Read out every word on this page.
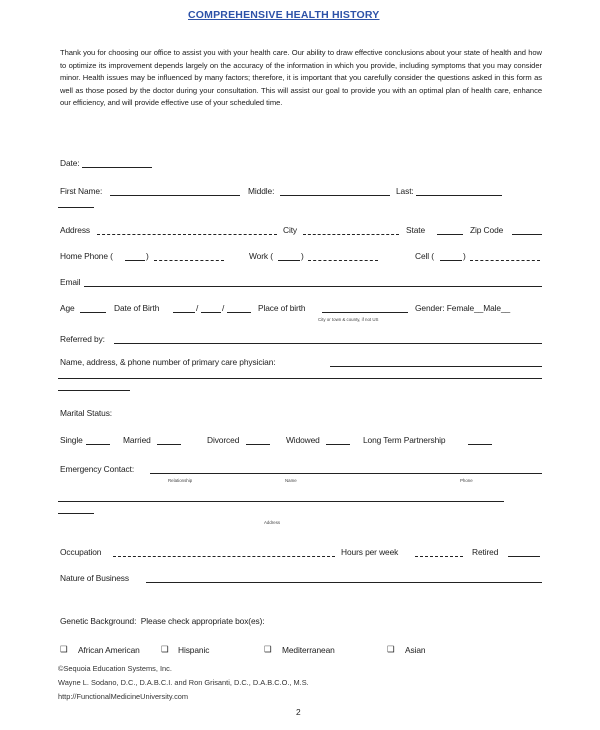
COMPREHENSIVE HEALTH HISTORY
Thank you for choosing our office to assist you with your health care. Our ability to draw effective conclusions about your state of health and how to optimize its improvement depends largely on the accuracy of the information in which you provide, including symptoms that you may consider minor. Health issues may be influenced by many factors; therefore, it is important that you carefully consider the questions asked in this form as well as those posed by the doctor during your consultation. This will assist our goal to provide you with an optimal plan of health care, enhance our efficiency, and will provide effective use of your scheduled time.
Date:
First Name:	Middle:	Last:
Address	City	State	Zip Code
Home Phone (	)	Work (	)	Cell (	)
Email
Age	Date of Birth	/	/	Place of birth	Gender: Female__Male__
City or town & county, if not US
Referred by:
Name, address, & phone number of primary care physician:
Marital Status:
Single	Married	Divorced	Widowed	Long Term Partnership
Emergency Contact:
Relationship	Name	Phone
Address
Occupation	Hours per week	Retired
Nature of Business
Genetic Background:  Please check appropriate box(es):
❑ African American	❑ Hispanic	❑ Mediterranean	❑ Asian
©Sequoia Education Systems, Inc.
Wayne L. Sodano, D.C., D.A.B.C.I. and Ron Grisanti, D.C., D.A.B.C.O., M.S.
http://FunctionalMedicineUniversity.com
2
